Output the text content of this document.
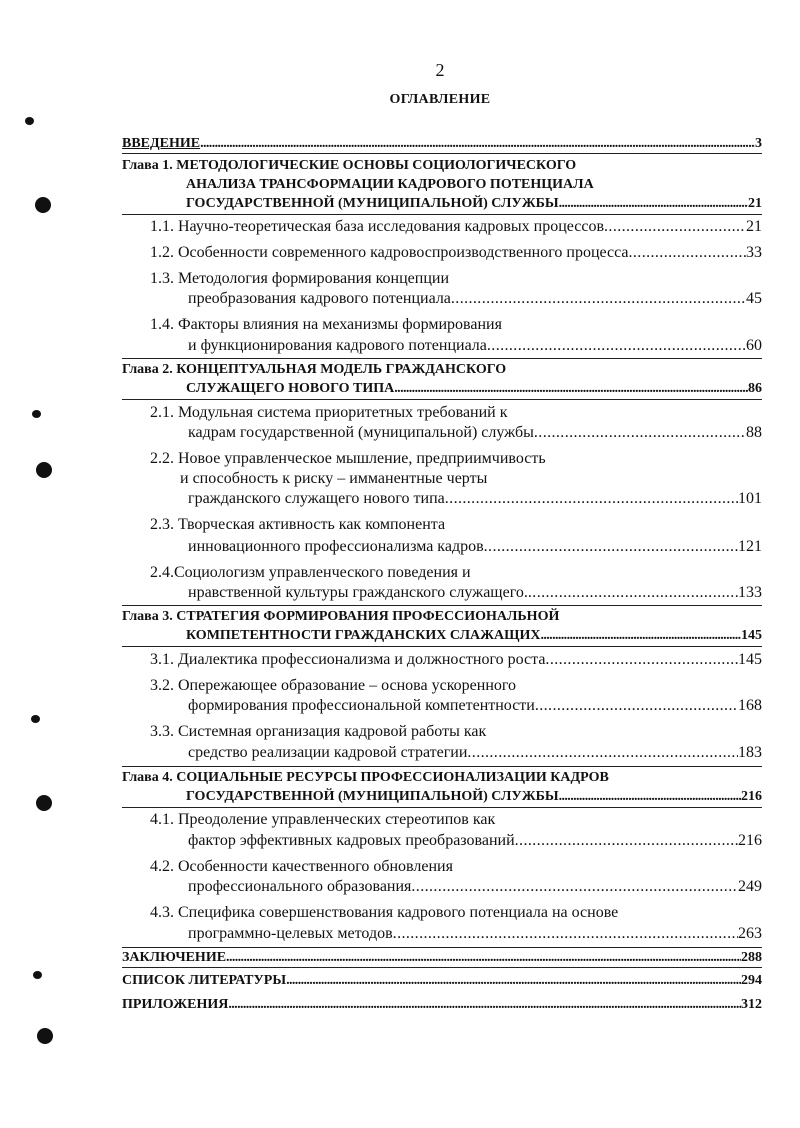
2
ОГЛАВЛЕНИЕ
ВВЕДЕНИЕ .....	3
Глава 1. МЕТОДОЛОГИЧЕСКИЕ ОСНОВЫ СОЦИОЛОГИЧЕСКОГО
АНАЛИЗА ТРАНСФОРМАЦИИ КАДРОВОГО ПОТЕНЦИАЛА
ГОСУДАРСТВЕННОЙ (МУНИЦИПАЛЬНОЙ) СЛУЖБЫ .....	21
1.1. Научно-теоретическая база исследования кадровых процессов .....	21
1.2. Особенности современного кадровоспроизводственного процесса .....	33
1.3. Методология формирования концепции
преобразования кадрового потенциала .....	45
1.4. Факторы влияния на механизмы формирования
и функционирования кадрового потенциала .....	60
Глава 2. КОНЦЕПТУАЛЬНАЯ МОДЕЛЬ ГРАЖДАНСКОГО
СЛУЖАЩЕГО НОВОГО ТИПА .....	86
2.1. Модульная система приоритетных требований к
кадрам государственной (муниципальной) службы .....	88
2.2. Новое управленческое мышление, предприимчивость
и способность к риску – имманентные черты
гражданского служащего нового типа .....	101
2.3. Творческая активность как компонента
инновационного профессионализма кадров .....	121
2.4.Социологизм управленческого поведения и
нравственной культуры гражданского служащего. .....	133
Глава 3. СТРАТЕГИЯ ФОРМИРОВАНИЯ ПРОФЕССИОНАЛЬНОЙ
КОМПЕТЕНТНОСТИ ГРАЖДАНСКИХ СЛАЖАЩИХ .....	145
3.1. Диалектика профессионализма и должностного роста .....	145
3.2. Опережающее образование – основа ускоренного
формирования профессиональной компетентности .....	168
3.3. Системная организация кадровой работы как
средство реализации кадровой стратегии .....	183
Глава 4. СОЦИАЛЬНЫЕ РЕСУРСЫ ПРОФЕССИОНАЛИЗАЦИИ КАДРОВ
ГОСУДАРСТВЕННОЙ (МУНИЦИПАЛЬНОЙ) СЛУЖБЫ .....	216
4.1. Преодоление управленческих стереотипов как
фактор эффективных кадровых преобразований .....	216
4.2. Особенности качественного обновления
профессионального образования .....	249
4.3. Специфика совершенствования кадрового потенциала на основе
программно-целевых методов .....	263
ЗАКЛЮЧЕНИЕ .....	288
СПИСОК ЛИТЕРАТУРЫ .....	294
ПРИЛОЖЕНИЯ .....	312
